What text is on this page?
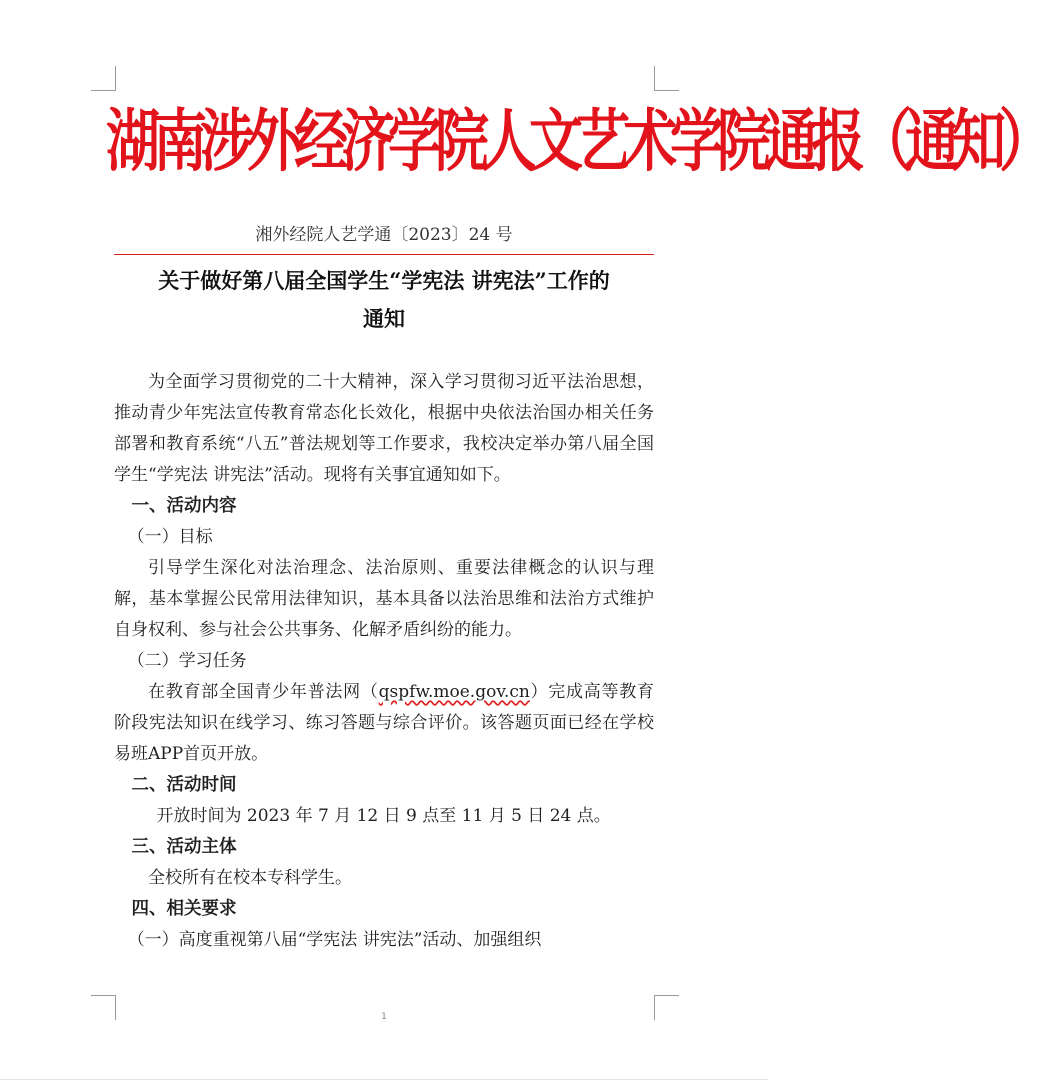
湖南涉外经济学院人文艺术学院通报（通知）
湘外经院人艺学通〔2023〕24 号
关于做好第八届全国学生“学宪法 讲宪法”工作的
通知

为全面学习贯彻党的二十大精神，深入学习贯彻习近平法治思想，推动青少年宪法宣传教育常态化长效化，根据中央依法治国办相关任务部署和教育系统“八五”普法规划等工作要求，我校决定举办第八届全国学生“学宪法 讲宪法”活动。现将有关事宜通知如下。

一、活动内容

（一）目标

引导学生深化对法治理念、法治原则、重要法律概念的认识与理解，基本掌握公民常用法律知识，基本具备以法治思维和法治方式维护自身权利、参与社会公共事务、化解矛盾纠纷的能力。

（二）学习任务

在教育部全国青少年普法网（qspfw.moe.gov.cn）完成高等教育阶段宪法知识在线学习、练习答题与综合评价。该答题页面已经在学校易班APP首页开放。

二、活动时间

开放时间为 2023 年 7 月 12 日 9 点至 11 月 5 日 24 点。

三、活动主体

全校所有在校本专科学生。

四、相关要求

（一）高度重视第八届“学宪法 讲宪法”活动、加强组织

1
